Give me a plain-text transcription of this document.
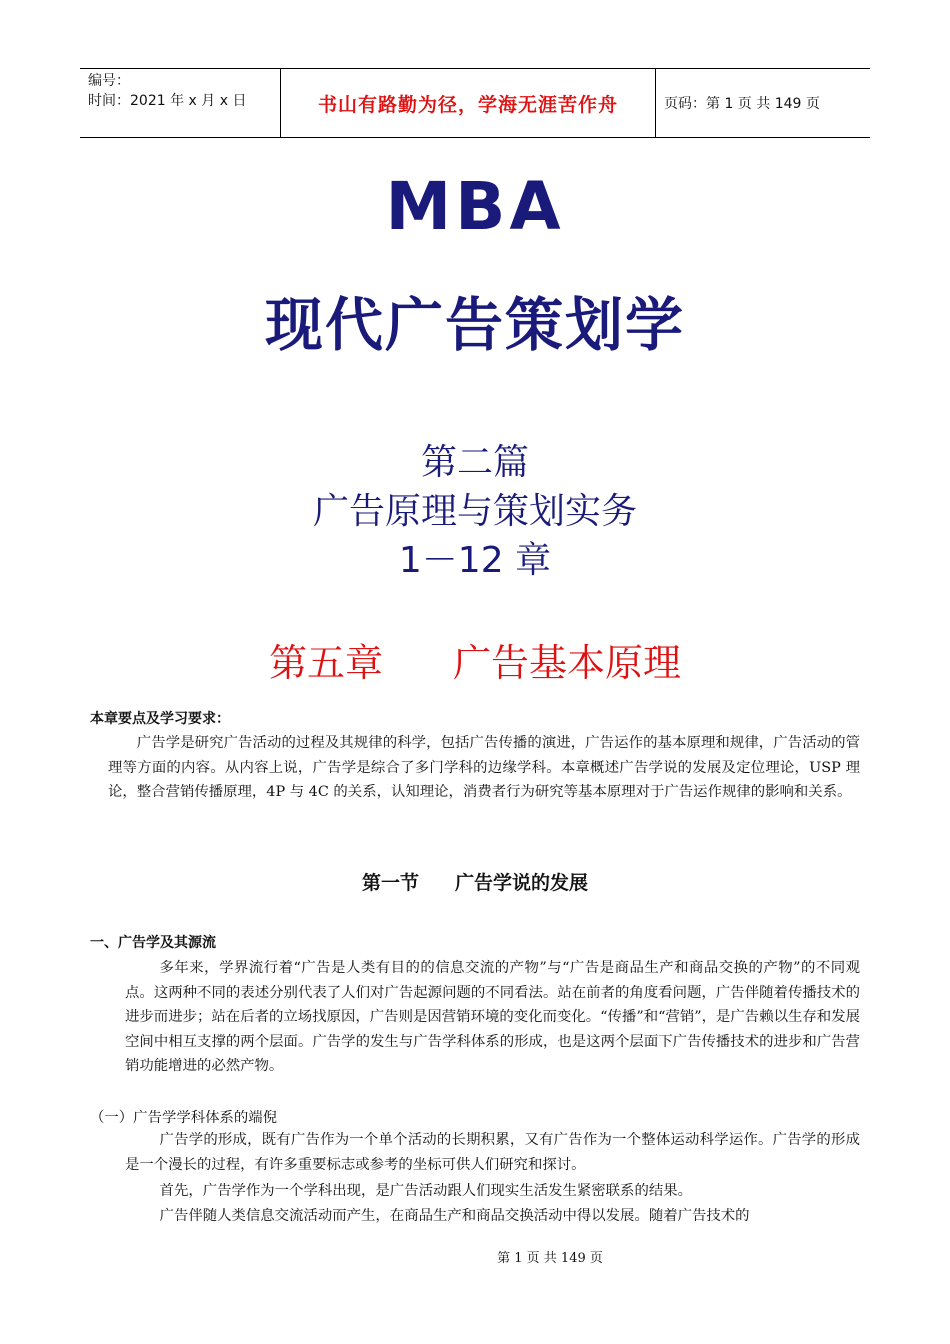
编号：
时间：2021 年 x 月 x 日	书山有路勤为径，学海无涯苦作舟	页码：第 1 页 共 149 页
MBA
现代广告策划学
第二篇
广告原理与策划实务
1－12 章
第五章 广告基本原理
本章要点及学习要求：
广告学是研究广告活动的过程及其规律的科学，包括广告传播的演进，广告运作的基本原理和规律，广告活动的管理等方面的内容。从内容上说，广告学是综合了多门学科的边缘学科。本章概述广告学说的发展及定位理论，USP 理论，整合营销传播原理，4P 与 4C 的关系，认知理论，消费者行为研究等基本原理对于广告运作规律的影响和关系。
第一节 广告学说的发展
一、广告学及其源流
多年来，学界流行着“广告是人类有目的的信息交流的产物”与“广告是商品生产和商品交换的产物”的不同观点。这两种不同的表述分别代表了人们对广告起源问题的不同看法。站在前者的角度看问题，广告伴随着传播技术的进步而进步；站在后者的立场找原因，广告则是因营销环境的变化而变化。“传播”和“营销”，是广告赖以生存和发展空间中相互支撑的两个层面。广告学的发生与广告学科体系的形成，也是这两个层面下广告传播技术的进步和广告营销功能增进的必然产物。
（一）广告学学科体系的端倪
广告学的形成，既有广告作为一个单个活动的长期积累，又有广告作为一个整体运动科学运作。广告学的形成是一个漫长的过程，有许多重要标志或参考的坐标可供人们研究和探讨。
首先，广告学作为一个学科出现，是广告活动跟人们现实生活发生紧密联系的结果。
广告伴随人类信息交流活动而产生，在商品生产和商品交换活动中得以发展。随着广告技术的
第 1 页 共 149 页
